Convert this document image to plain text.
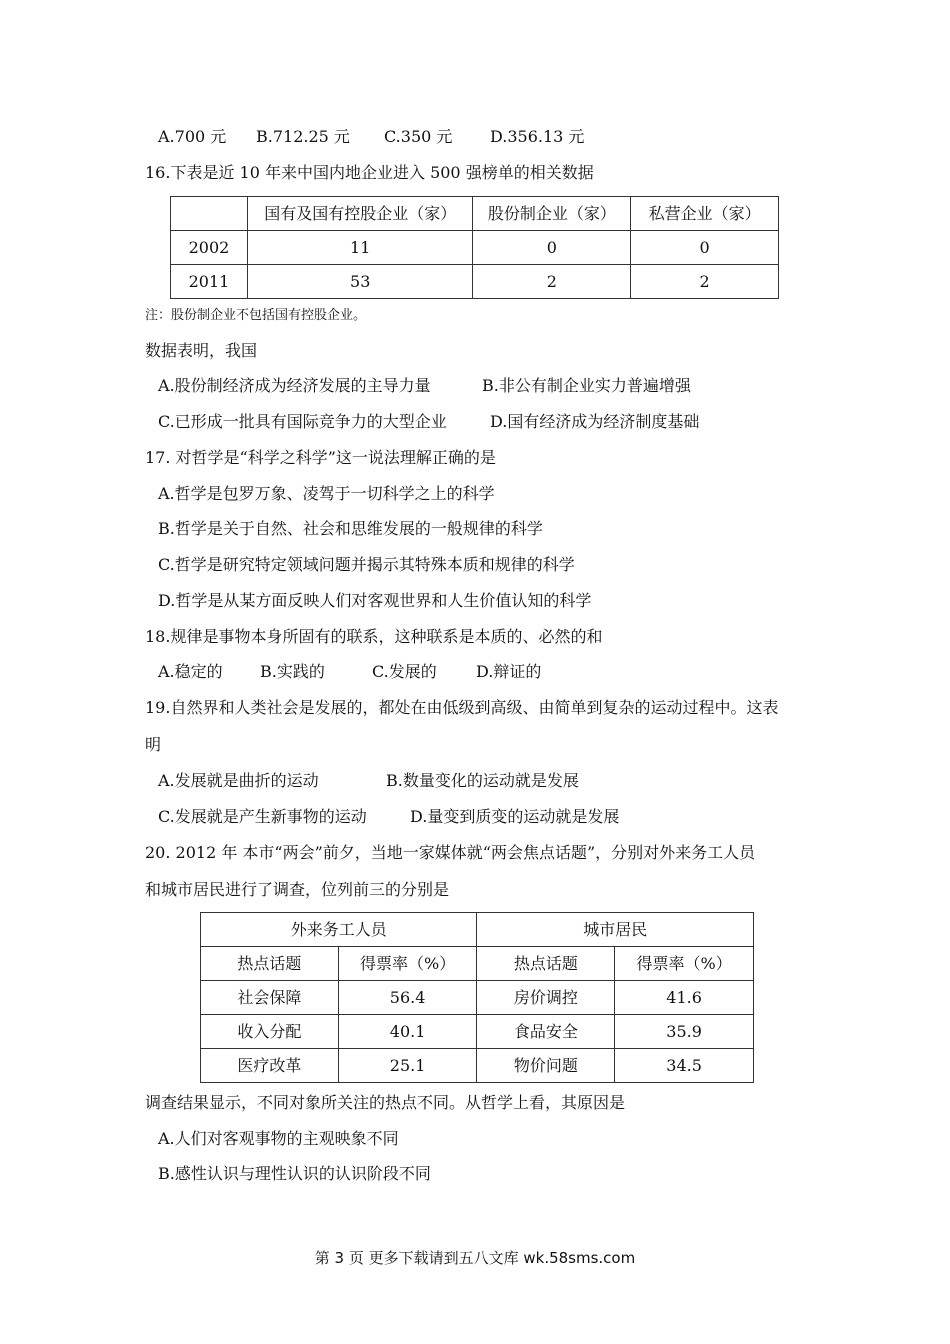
A.700 元 B.712.25 元 C.350 元 D.356.13 元
16.下表是近 10 年来中国内地企业进入 500 强榜单的相关数据
	国有及国有控股企业（家）	股份制企业（家）	私营企业（家）
2002	11	0	0
2011	53	2	2
注：股份制企业不包括国有控股企业。
数据表明，我国
A.股份制经济成为经济发展的主导力量	B.非公有制企业实力普遍增强
C.已形成一批具有国际竞争力的大型企业	D.国有经济成为经济制度基础
17. 对哲学是“科学之科学”这一说法理解正确的是
A.哲学是包罗万象、凌驾于一切科学之上的科学
B.哲学是关于自然、社会和思维发展的一般规律的科学
C.哲学是研究特定领域问题并揭示其特殊本质和规律的科学
D.哲学是从某方面反映人们对客观世界和人生价值认知的科学
18.规律是事物本身所固有的联系，这种联系是本质的、必然的和
A.稳定的 B.实践的	C.发展的 D.辩证的
19.自然界和人类社会是发展的，都处在由低级到高级、由简单到复杂的运动过程中。这表
明
A.发展就是曲折的运动	B.数量变化的运动就是发展
C.发展就是产生新事物的运动	D.量变到质变的运动就是发展
20. 2012 年 本市“两会”前夕，当地一家媒体就“两会焦点话题”，分别对外来务工人员
和城市居民进行了调查，位列前三的分别是
外来务工人员		城市居民	
热点话题	得票率（%）	热点话题	得票率（%）
社会保障	56.4	房价调控	41.6
收入分配	40.1	食品安全	35.9
医疗改革	25.1	物价问题	34.5
调查结果显示，不同对象所关注的热点不同。从哲学上看，其原因是
A.人们对客观事物的主观映象不同
B.感性认识与理性认识的认识阶段不同
第 3 页 更多下载请到五八文库 wk.58sms.com
